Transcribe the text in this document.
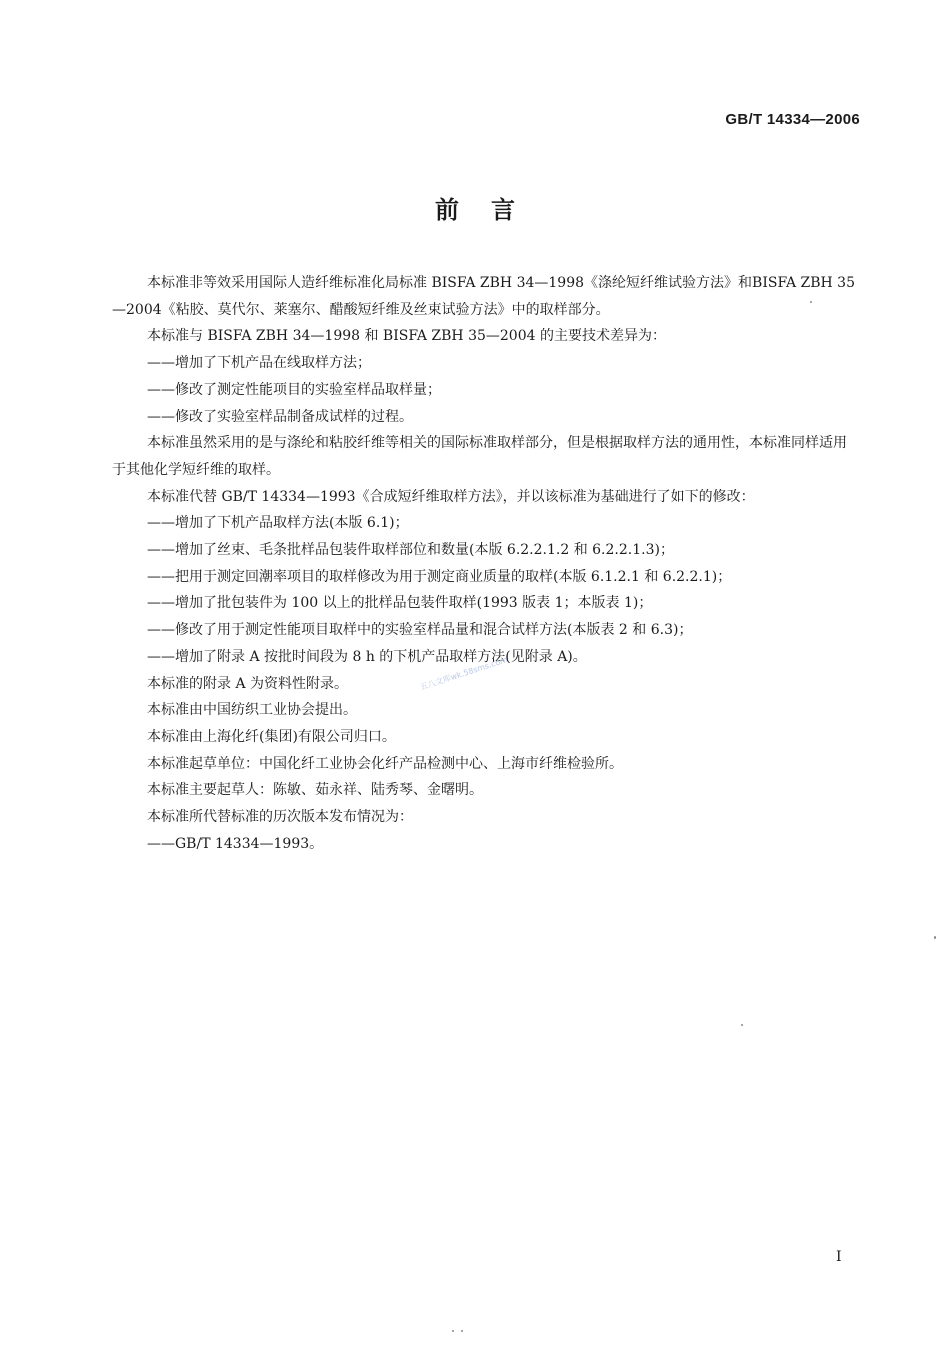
GB/T 14334—2006
前言

本标准非等效采用国际人造纤维标准化局标准 BISFA ZBH 34—1998《涤纶短纤维试验方法》和BISFA ZBH 35—2004《粘胶、莫代尔、莱塞尔、醋酸短纤维及丝束试验方法》中的取样部分。

本标准与 BISFA ZBH 34—1998 和 BISFA ZBH 35—2004 的主要技术差异为：

——增加了下机产品在线取样方法；

——修改了测定性能项目的实验室样品取样量；

——修改了实验室样品制备成试样的过程。

本标准虽然采用的是与涤纶和粘胶纤维等相关的国际标准取样部分，但是根据取样方法的通用性，本标准同样适用于其他化学短纤维的取样。

本标准代替 GB/T 14334—1993《合成短纤维取样方法》，并以该标准为基础进行了如下的修改：

——增加了下机产品取样方法(本版 6.1)；

——增加了丝束、毛条批样品包装件取样部位和数量(本版 6.2.2.1.2 和 6.2.2.1.3)；

——把用于测定回潮率项目的取样修改为用于测定商业质量的取样(本版 6.1.2.1 和 6.2.2.1)；

——增加了批包装件为 100 以上的批样品包装件取样(1993 版表 1；本版表 1)；

——修改了用于测定性能项目取样中的实验室样品量和混合试样方法(本版表 2 和 6.3)；

——增加了附录 A 按批时间段为 8 h 的下机产品取样方法(见附录 A)。

本标准的附录 A 为资料性附录。

本标准由中国纺织工业协会提出。

本标准由上海化纤(集团)有限公司归口。

本标准起草单位：中国化纤工业协会化纤产品检测中心、上海市纤维检验所。

本标准主要起草人：陈敏、茹永祥、陆秀琴、金曙明。

本标准所代替标准的历次版本发布情况为：

——GB/T 14334—1993。

五八文库wk.58sms.com
I
